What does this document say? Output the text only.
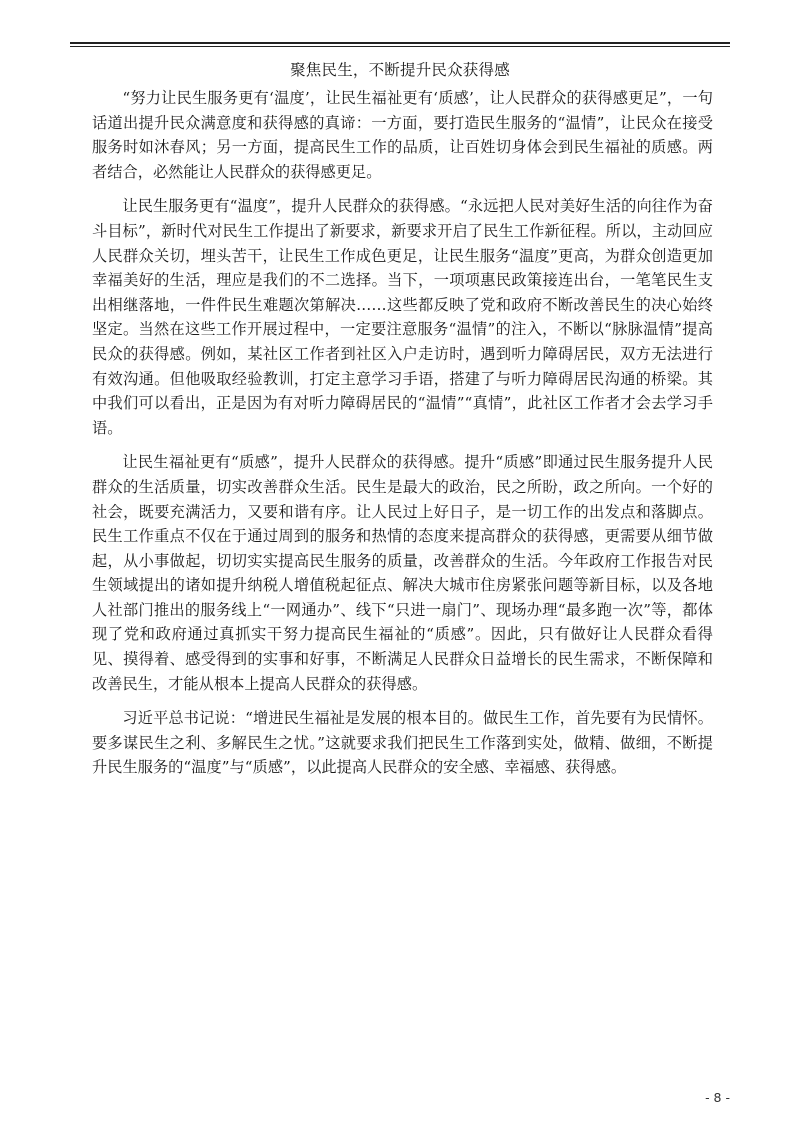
聚焦民生，不断提升民众获得感

“努力让民生服务更有‘温度’，让民生福祉更有‘质感’，让人民群众的获得感更足”，一句话道出提升民众满意度和获得感的真谛：一方面，要打造民生服务的“温情”，让民众在接受服务时如沐春风；另一方面，提高民生工作的品质，让百姓切身体会到民生福祉的质感。两者结合，必然能让人民群众的获得感更足。

让民生服务更有“温度”，提升人民群众的获得感。“永远把人民对美好生活的向往作为奋斗目标”，新时代对民生工作提出了新要求，新要求开启了民生工作新征程。所以，主动回应人民群众关切，埋头苦干，让民生工作成色更足，让民生服务“温度”更高，为群众创造更加幸福美好的生活，理应是我们的不二选择。当下，一项项惠民政策接连出台，一笔笔民生支出相继落地，一件件民生难题次第解决……这些都反映了党和政府不断改善民生的决心始终坚定。当然在这些工作开展过程中，一定要注意服务“温情”的注入，不断以“脉脉温情”提高民众的获得感。例如，某社区工作者到社区入户走访时，遇到听力障碍居民，双方无法进行有效沟通。但他吸取经验教训，打定主意学习手语，搭建了与听力障碍居民沟通的桥梁。其中我们可以看出，正是因为有对听力障碍居民的“温情”“真情”，此社区工作者才会去学习手语。

让民生福祉更有“质感”，提升人民群众的获得感。提升“质感”即通过民生服务提升人民群众的生活质量，切实改善群众生活。民生是最大的政治，民之所盼，政之所向。一个好的社会，既要充满活力，又要和谐有序。让人民过上好日子，是一切工作的出发点和落脚点。民生工作重点不仅在于通过周到的服务和热情的态度来提高群众的获得感，更需要从细节做起，从小事做起，切切实实提高民生服务的质量，改善群众的生活。今年政府工作报告对民生领域提出的诸如提升纳税人增值税起征点、解决大城市住房紧张问题等新目标，以及各地人社部门推出的服务线上“一网通办”、线下“只进一扇门”、现场办理“最多跑一次”等，都体现了党和政府通过真抓实干努力提高民生福祉的“质感”。因此，只有做好让人民群众看得见、摸得着、感受得到的实事和好事，不断满足人民群众日益增长的民生需求，不断保障和改善民生，才能从根本上提高人民群众的获得感。

习近平总书记说：“增进民生福祉是发展的根本目的。做民生工作，首先要有为民情怀。要多谋民生之利、多解民生之忧。”这就要求我们把民生工作落到实处，做精、做细，不断提升民生服务的“温度”与“质感”，以此提高人民群众的安全感、幸福感、获得感。

- 8 -
